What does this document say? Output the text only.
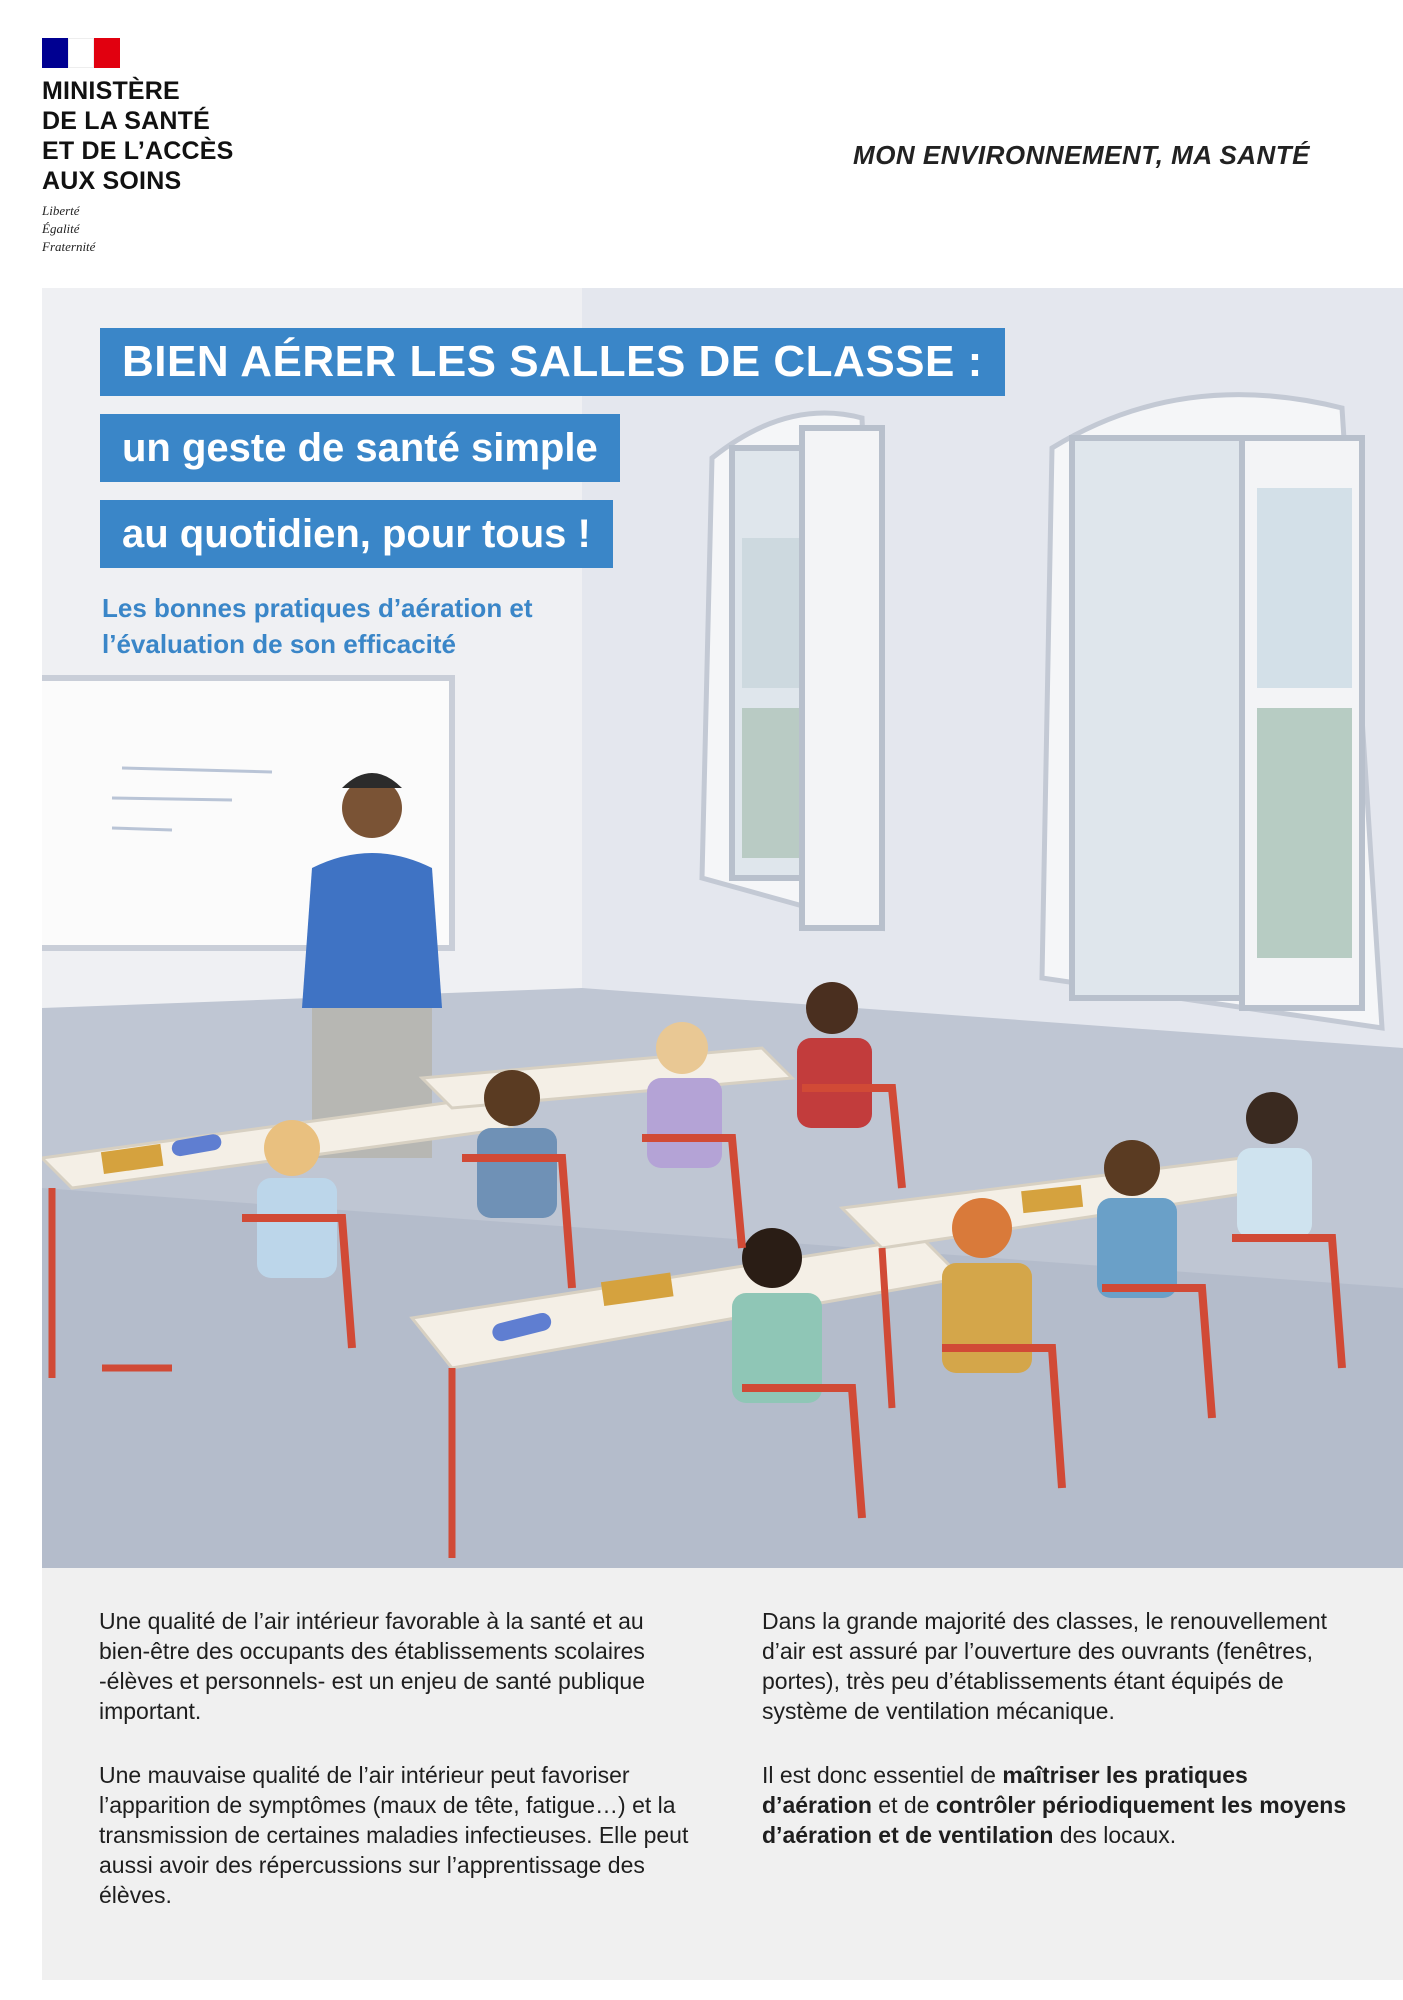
MINISTÈRE
DE LA SANTÉ
ET DE L’ACCÈS
AUX SOINS

Liberté
Égalité
Fraternité
MON ENVIRONNEMENT, MA SANTÉ
BIEN AÉRER LES SALLES DE CLASSE :
un geste de santé simple
au quotidien, pour tous !
Les bonnes pratiques d’aération et l’évaluation de son efficacité

Une qualité de l’air intérieur favorable à la santé et au bien-être des occupants des établissements scolaires -élèves et personnels- est un enjeu de santé publique important.

Une mauvaise qualité de l’air intérieur peut favoriser l’apparition de symptômes (maux de tête, fatigue…) et la transmission de certaines maladies infectieuses. Elle peut aussi avoir des répercussions sur l’apprentissage des élèves.

Dans la grande majorité des classes, le renouvellement d’air est assuré par l’ouverture des ouvrants (fenêtres, portes), très peu d’établissements étant équipés de système de ventilation mécanique.

Il est donc essentiel de maîtriser les pratiques d’aération et de contrôler périodiquement les moyens d’aération et de ventilation des locaux.
